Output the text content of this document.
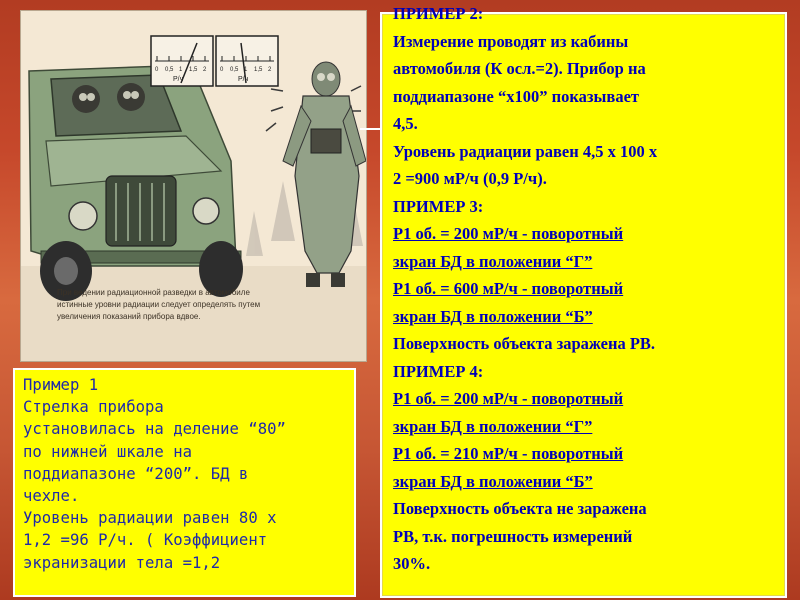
0 0,5 1 1,5 2
Р/ч
0 0,5 1 1,5 2
Р/ч
При ведении радиационной разведки в автомобиле
истинные уровни радиации следует определять путем
увеличения показаний прибора вдвое.
ПРИМЕР 2:
Измерение проводят из кабины
автомобиля (К осл.=2). Прибор на
поддиапазоне “х100” показывает
4,5.
Уровень радиации равен 4,5 х 100 х
2 =900 мР/ч (0,9 Р/ч).
ПРИМЕР 3:
Р1 об. = 200 мР/ч - поворотный
зкран БД в положении “Г”
Р1 об. = 600 мР/ч - поворотный
зкран БД в положении “Б”
Поверхность объекта заражена РВ.
ПРИМЕР 4:
Р1 об. = 200 мР/ч - поворотный
зкран БД в положении “Г”
Р1 об. = 210 мР/ч - поворотный
зкран БД в положении “Б”
Поверхность объекта не заражена
РВ, т.к. погрешность измерений
30%.
Пример 1
Стрелка прибора
установилась на деление “80”
по нижней шкале на
поддиапазоне “200”. БД в
чехле.
Уровень радиации равен 80 х
1,2 =96 Р/ч. ( Коэффициент
экранизации тела =1,2
